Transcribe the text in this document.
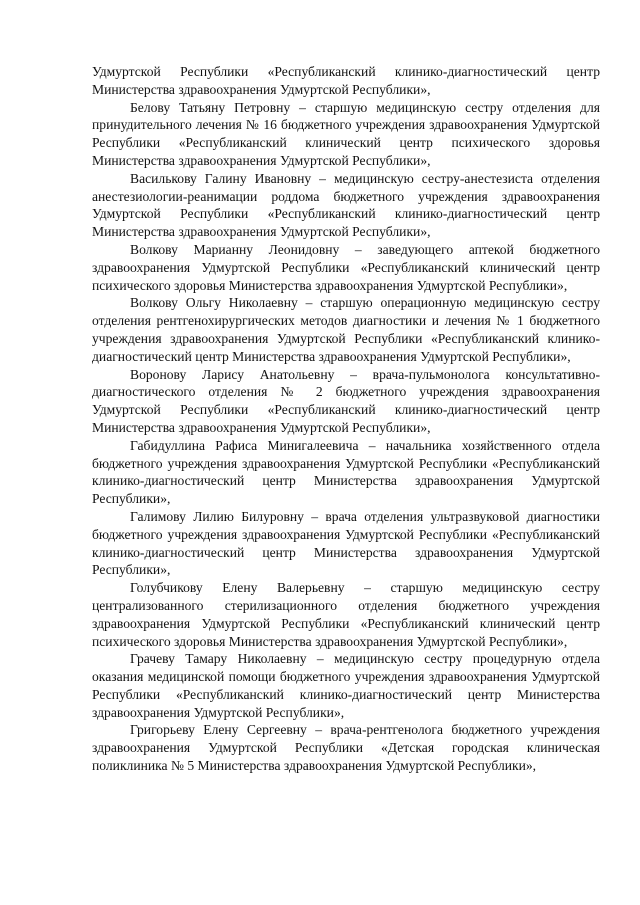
Удмуртской Республики «Республиканский клинико-диагностический центр Министерства здравоохранения Удмуртской Республики»,

Белову Татьяну Петровну – старшую медицинскую сестру отделения для принудительного лечения № 16 бюджетного учреждения здравоохранения Удмуртской Республики «Республиканский клинический центр психического здоровья Министерства здравоохранения Удмуртской Республики»,

Василькову Галину Ивановну – медицинскую сестру-анестезиста отделения анестезиологии-реанимации роддома бюджетного учреждения здравоохранения Удмуртской Республики «Республиканский клинико-диагностический центр Министерства здравоохранения Удмуртской Республики»,

Волкову Марианну Леонидовну – заведующего аптекой бюджетного здравоохранения Удмуртской Республики «Республиканский клинический центр психического здоровья Министерства здравоохранения Удмуртской Республики»,

Волкову Ольгу Николаевну – старшую операционную медицинскую сестру отделения рентгенохирургических методов диагностики и лечения № 1 бюджетного учреждения здравоохранения Удмуртской Республики «Республиканский клинико-диагностический центр Министерства здравоохранения Удмуртской Республики»,

Воронову Ларису Анатольевну – врача-пульмонолога консультативно-диагностического отделения № 2 бюджетного учреждения здравоохранения Удмуртской Республики «Республиканский клинико-диагностический центр Министерства здравоохранения Удмуртской Республики»,

Габидуллина Рафиса Минигалеевича – начальника хозяйственного отдела бюджетного учреждения здравоохранения Удмуртской Республики «Республиканский клинико-диагностический центр Министерства здравоохранения Удмуртской Республики»,

Галимову Лилию Билуровну – врача отделения ультразвуковой диагностики бюджетного учреждения здравоохранения Удмуртской Республики «Республиканский клинико-диагностический центр Министерства здравоохранения Удмуртской Республики»,

Голубчикову Елену Валерьевну – старшую медицинскую сестру централизованного стерилизационного отделения бюджетного учреждения здравоохранения Удмуртской Республики «Республиканский клинический центр психического здоровья Министерства здравоохранения Удмуртской Республики»,

Грачеву Тамару Николаевну – медицинскую сестру процедурную отдела оказания медицинской помощи бюджетного учреждения здравоохранения Удмуртской Республики «Республиканский клинико-диагностический центр Министерства здравоохранения Удмуртской Республики»,

Григорьеву Елену Сергеевну – врача-рентгенолога бюджетного учреждения здравоохранения Удмуртской Республики «Детская городская клиническая поликлиника № 5 Министерства здравоохранения Удмуртской Республики»,
